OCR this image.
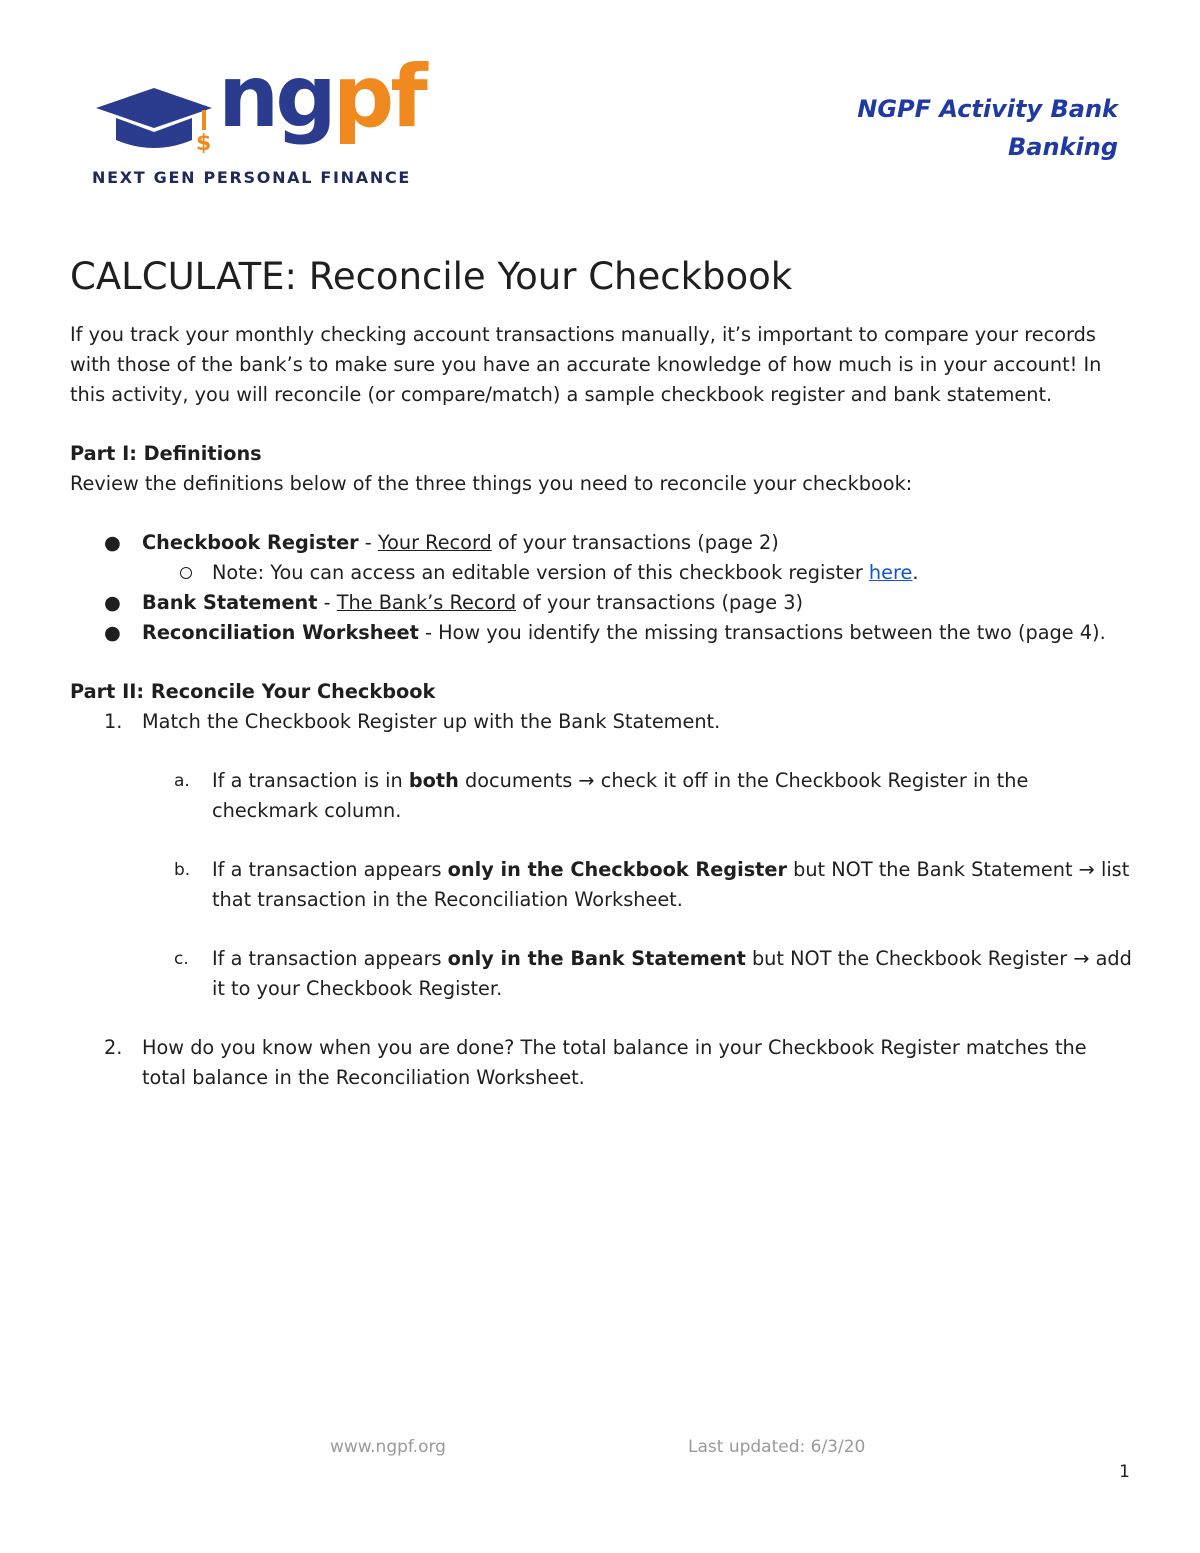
$ ngpf
NEXT GEN PERSONAL FINANCE
NGPF Activity Bank
Banking
CALCULATE: Reconcile Your Checkbook

If you track your monthly checking account transactions manually, it’s important to compare your records with those of the bank’s to make sure you have an accurate knowledge of how much is in your account! In this activity, you will reconcile (or compare/match) a sample checkbook register and bank statement.

Part I: Definitions

Review the definitions below of the three things you need to reconcile your checkbook:

● Checkbook Register - Your Record of your transactions (page 2)
Note: You can access an editable version of this checkbook register here.
● Bank Statement - The Bank’s Record of your transactions (page 3)
● Reconciliation Worksheet - How you identify the missing transactions between the two (page 4).

Part II: Reconcile Your Checkbook

1. Match the Checkbook Register up with the Bank Statement.
a. If a transaction is in both documents → check it off in the Checkbook Register in the checkmark column.
b. If a transaction appears only in the Checkbook Register but NOT the Bank Statement → list that transaction in the Reconciliation Worksheet.
c. If a transaction appears only in the Bank Statement but NOT the Checkbook Register → add it to your Checkbook Register.
2. How do you know when you are done? The total balance in your Checkbook Register matches the total balance in the Reconciliation Worksheet.
www.ngpf.org	Last updated: 6/3/20
1
